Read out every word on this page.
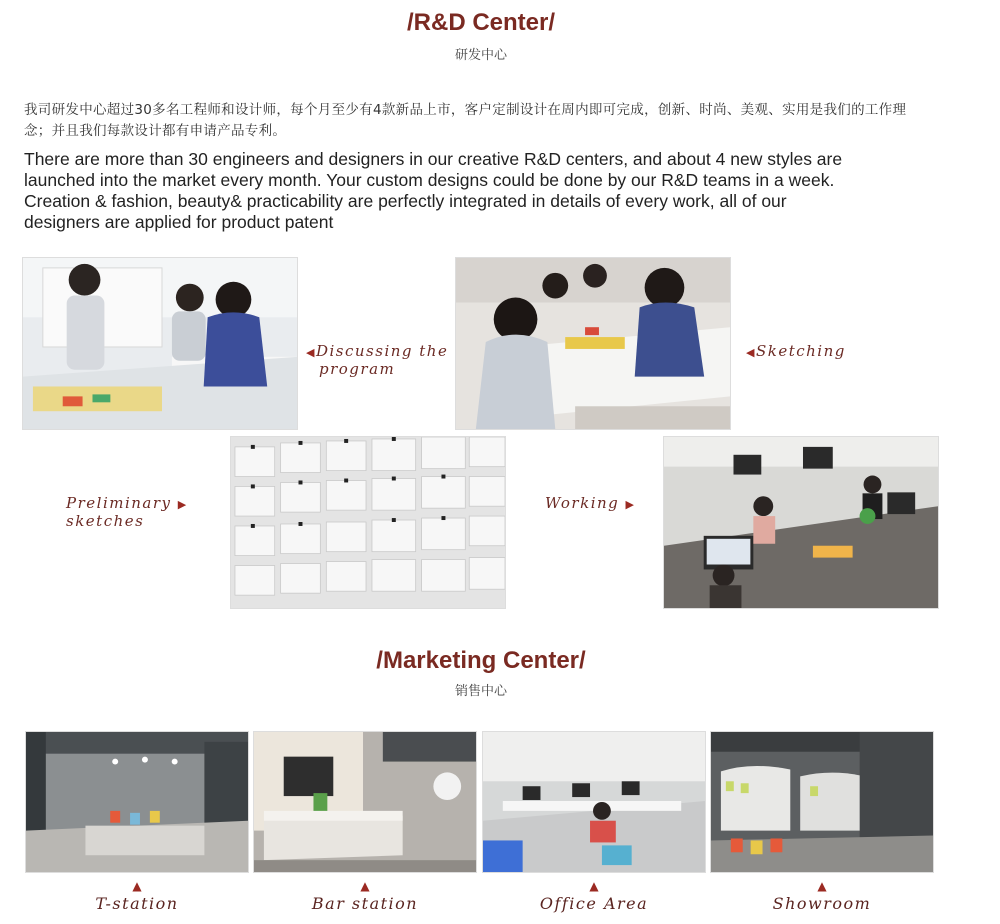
/R&D Center/
研发中心
我司研发中心超过30多名工程师和设计师，每个月至少有4款新品上市，客户定制设计在周内即可完成，创新、时尚、美观、实用是我们的工作理念；并且我们每款设计都有申请产品专利。
There are more than 30 engineers and designers in our creative R&D centers, and about 4 new styles are
launched into the market every month. Your custom designs could be done by our R&D teams in a week.
Creation & fashion, beauty& practicability are perfectly integrated in details of every work, all of our
designers are applied for product patent
◀Discussing the
program
◀Sketching
Preliminary ▶
sketches
Working ▶
/Marketing Center/
销售中心
▲	▲	▲	▲
T-station	Bar station	Office Area	Showroom
